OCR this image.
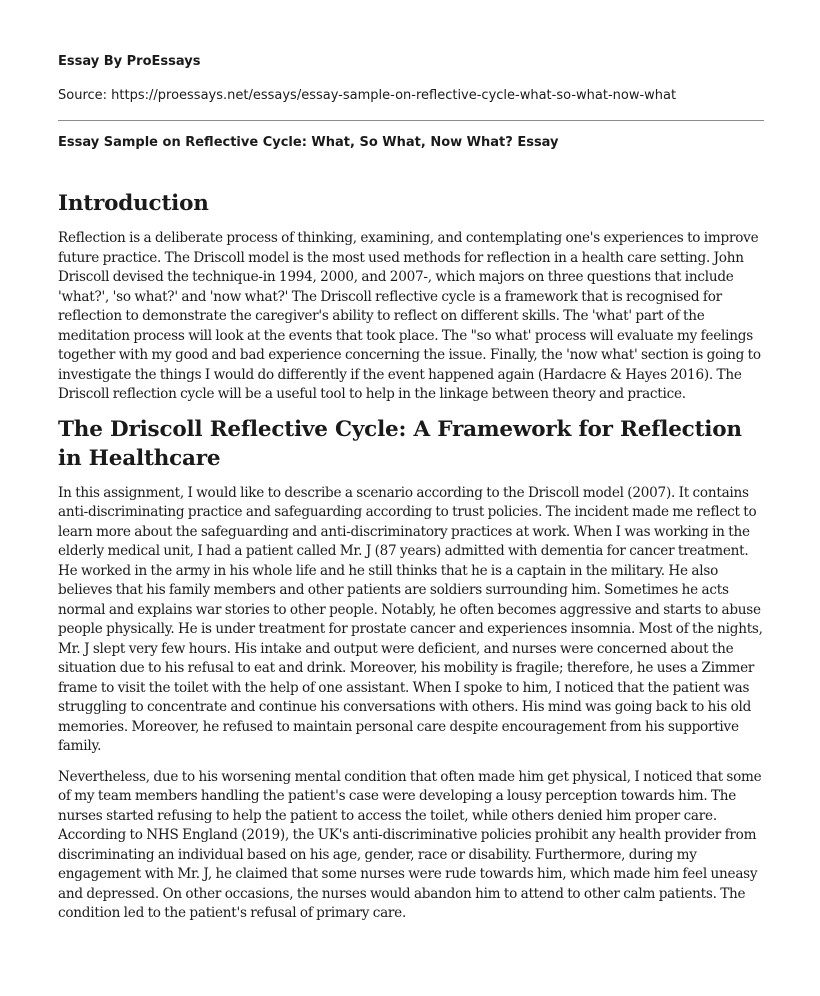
Essay By ProEssays
Source: https://proessays.net/essays/essay-sample-on-reflective-cycle-what-so-what-now-what
Essay Sample on Reflective Cycle: What, So What, Now What? Essay
Introduction

Reflection is a deliberate process of thinking, examining, and contemplating one's experiences to improve future practice. The Driscoll model is the most used methods for reflection in a health care setting. John Driscoll devised the technique-in 1994, 2000, and 2007-, which majors on three questions that include 'what?', 'so what?' and 'now what?' The Driscoll reflective cycle is a framework that is recognised for reflection to demonstrate the caregiver's ability to reflect on different skills. The 'what' part of the meditation process will look at the events that took place. The "so what' process will evaluate my feelings together with my good and bad experience concerning the issue. Finally, the 'now what' section is going to investigate the things I would do differently if the event happened again (Hardacre & Hayes 2016). The Driscoll reflection cycle will be a useful tool to help in the linkage between theory and practice.

The Driscoll Reflective Cycle: A Framework for Reflection in Healthcare

In this assignment, I would like to describe a scenario according to the Driscoll model (2007). It contains anti-discriminating practice and safeguarding according to trust policies. The incident made me reflect to learn more about the safeguarding and anti-discriminatory practices at work. When I was working in the elderly medical unit, I had a patient called Mr. J (87 years) admitted with dementia for cancer treatment. He worked in the army in his whole life and he still thinks that he is a captain in the military. He also believes that his family members and other patients are soldiers surrounding him. Sometimes he acts normal and explains war stories to other people. Notably, he often becomes aggressive and starts to abuse people physically. He is under treatment for prostate cancer and experiences insomnia. Most of the nights, Mr. J slept very few hours. His intake and output were deficient, and nurses were concerned about the situation due to his refusal to eat and drink. Moreover, his mobility is fragile; therefore, he uses a Zimmer frame to visit the toilet with the help of one assistant. When I spoke to him, I noticed that the patient was struggling to concentrate and continue his conversations with others. His mind was going back to his old memories. Moreover, he refused to maintain personal care despite encouragement from his supportive family.

Nevertheless, due to his worsening mental condition that often made him get physical, I noticed that some of my team members handling the patient's case were developing a lousy perception towards him. The nurses started refusing to help the patient to access the toilet, while others denied him proper care. According to NHS England (2019), the UK's anti-discriminative policies prohibit any health provider from discriminating an individual based on his age, gender, race or disability. Furthermore, during my engagement with Mr. J, he claimed that some nurses were rude towards him, which made him feel uneasy and depressed. On other occasions, the nurses would abandon him to attend to other calm patients. The condition led to the patient's refusal of primary care.
